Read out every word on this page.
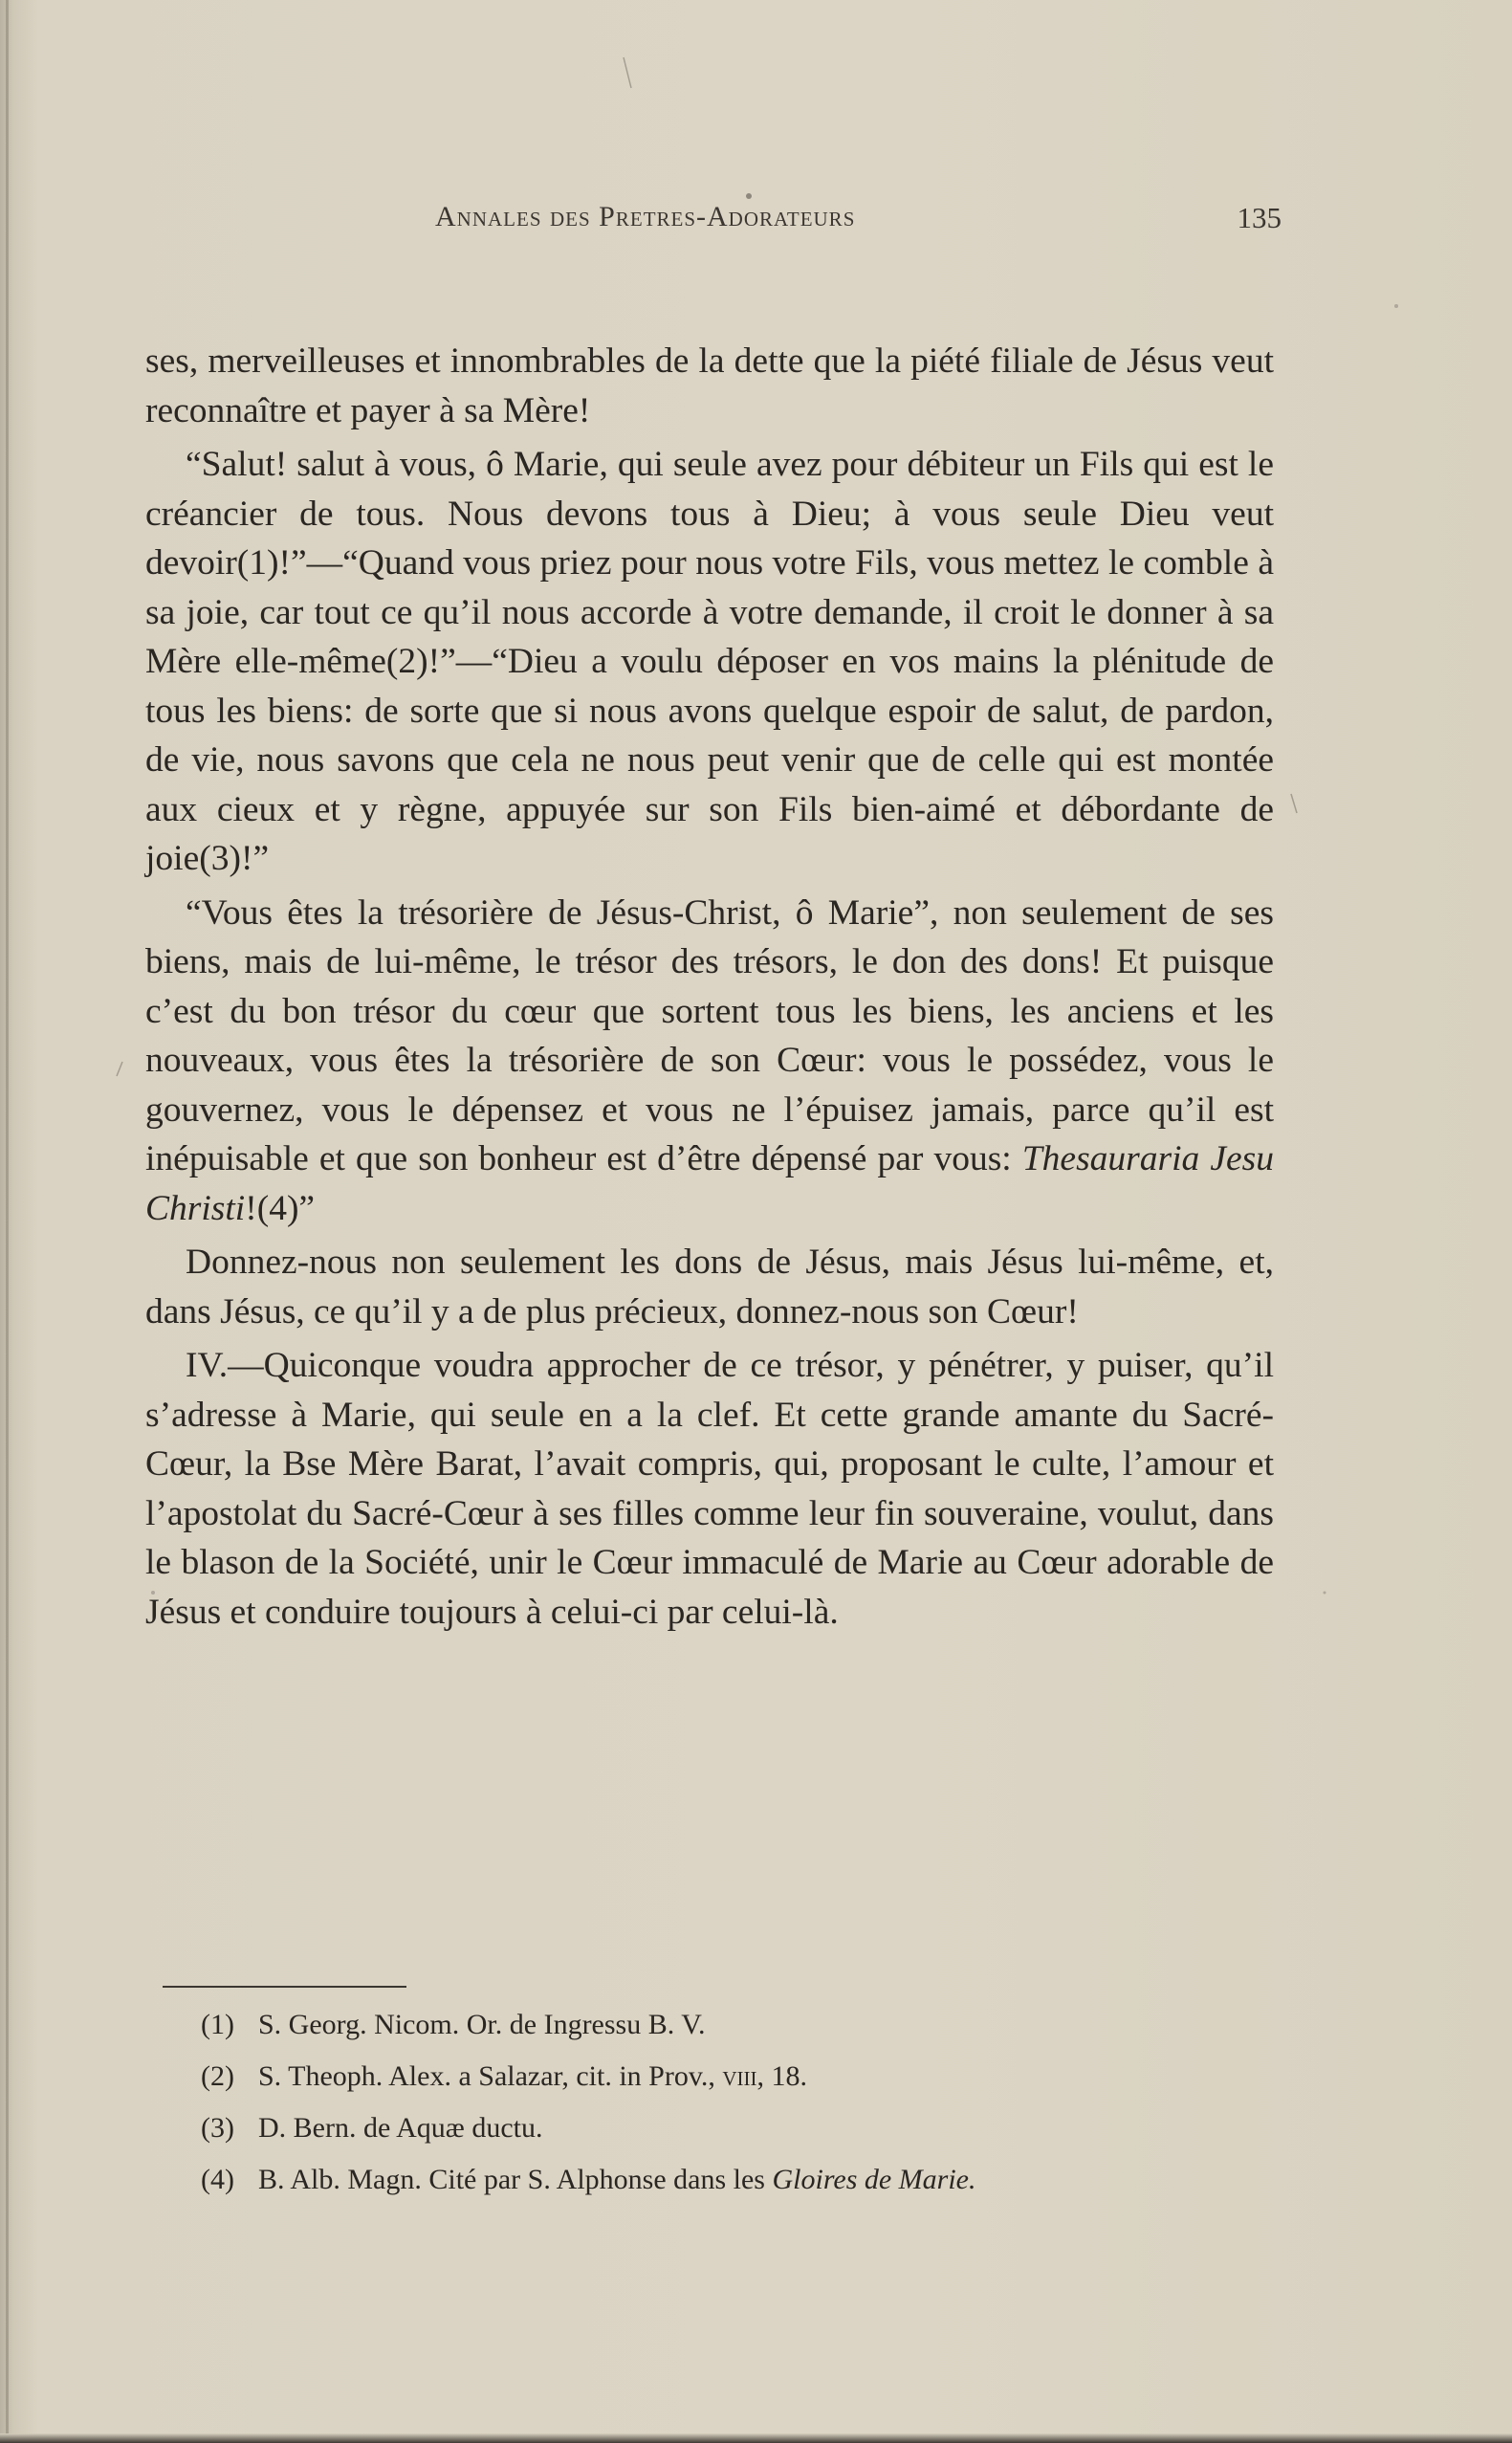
Annales des Pretres-Adorateurs	135

ses, merveilleuses et innombrables de la dette que la piété filiale de Jésus veut reconnaître et payer à sa Mère!

“Salut! salut à vous, ô Marie, qui seule avez pour débiteur un Fils qui est le créancier de tous. Nous devons tous à Dieu; à vous seule Dieu veut devoir(1)!”—“Quand vous priez pour nous votre Fils, vous mettez le comble à sa joie, car tout ce qu’il nous accorde à votre demande, il croit le donner à sa Mère elle-même(2)!”—“Dieu a voulu déposer en vos mains la plénitude de tous les biens: de sorte que si nous avons quelque espoir de salut, de pardon, de vie, nous savons que cela ne nous peut venir que de celle qui est montée aux cieux et y règne, appuyée sur son Fils bien-aimé et débordante de joie(3)!”

“Vous êtes la trésorière de Jésus-Christ, ô Marie”, non seulement de ses biens, mais de lui-même, le trésor des trésors, le don des dons! Et puisque c’est du bon trésor du cœur que sortent tous les biens, les anciens et les nouveaux, vous êtes la trésorière de son Cœur: vous le possédez, vous le gouvernez, vous le dépensez et vous ne l’épuisez jamais, parce qu’il est inépuisable et que son bonheur est d’être dépensé par vous: Thesauraria Jesu Christi!(4)”

Donnez-nous non seulement les dons de Jésus, mais Jésus lui-même, et, dans Jésus, ce qu’il y a de plus précieux, donnez-nous son Cœur!

IV.—Quiconque voudra approcher de ce trésor, y pénétrer, y puiser, qu’il s’adresse à Marie, qui seule en a la clef. Et cette grande amante du Sacré-Cœur, la Bse Mère Barat, l’avait compris, qui, proposant le culte, l’amour et l’apostolat du Sacré-Cœur à ses filles comme leur fin souveraine, voulut, dans le blason de la Société, unir le Cœur immaculé de Marie au Cœur adorable de Jésus et conduire toujours à celui-ci par celui-là.

(1) S. Georg. Nicom. Or. de Ingressu B. V.

(2) S. Theoph. Alex. a Salazar, cit. in Prov., viii, 18.

(3) D. Bern. de Aquæ ductu.

(4) B. Alb. Magn. Cité par S. Alphonse dans les Gloires de Marie.
